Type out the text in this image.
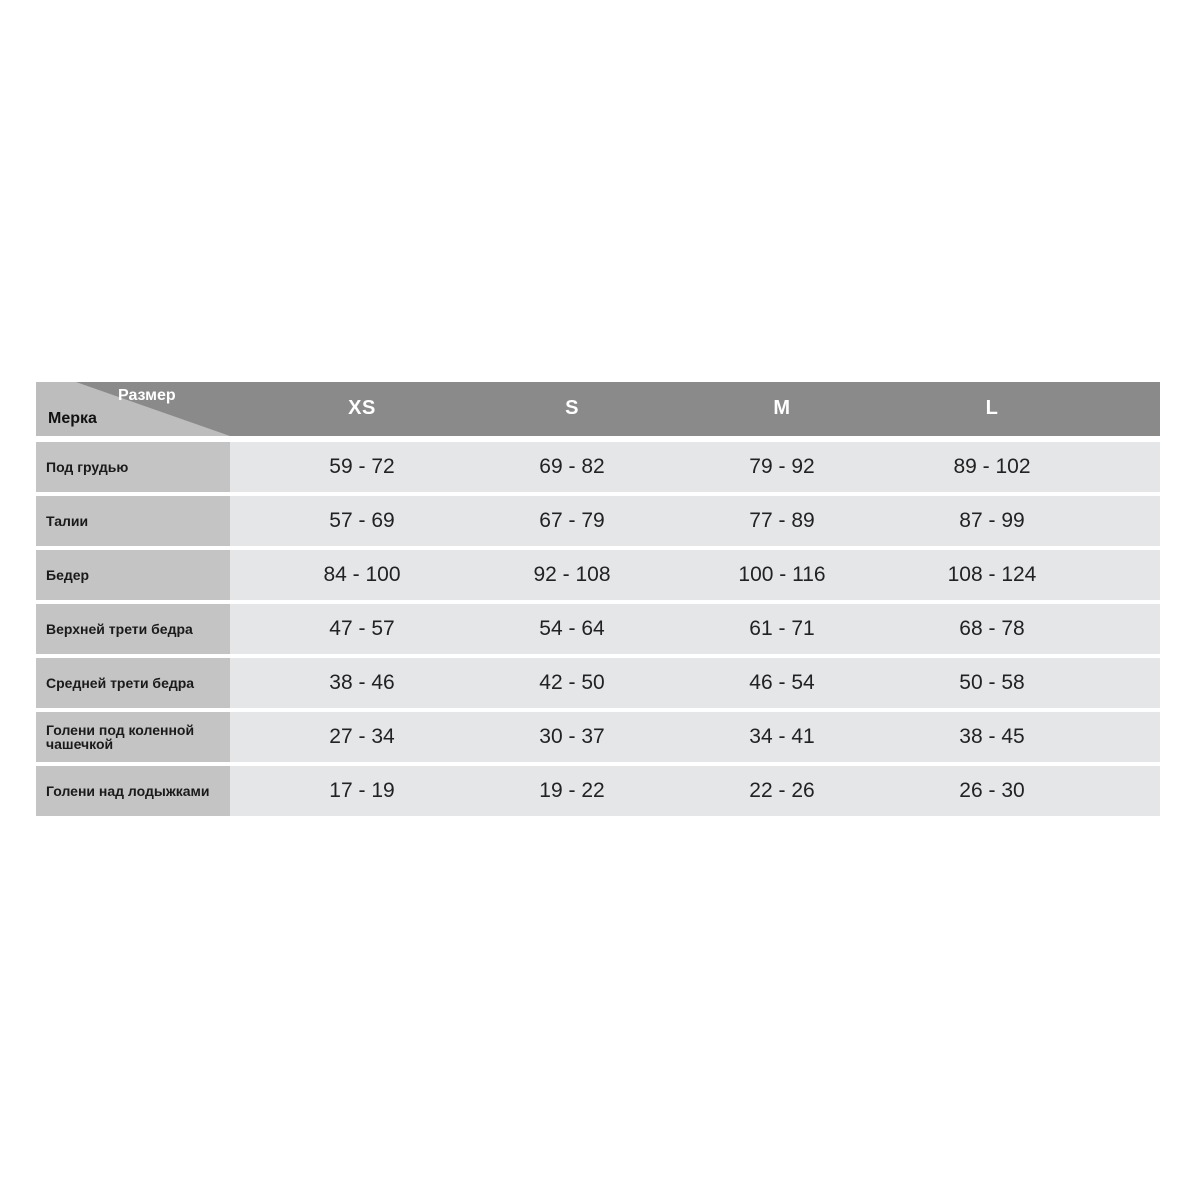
Размер
Мерка	XS	S	M	L
Под грудью	59 - 72	69 - 82	79 - 92	89 - 102
Талии	57 - 69	67 - 79	77 - 89	87 - 99
Бедер	84 - 100	92 - 108	100 - 116	108 - 124
Верхней трети бедра	47 - 57	54 - 64	61 - 71	68 - 78
Средней трети бедра	38 - 46	42 - 50	46 - 54	50 - 58
Голени под коленной чашечкой	27 - 34	30 - 37	34 - 41	38 - 45
Голени над лодыжками	17 - 19	19 - 22	22 - 26	26 - 30
